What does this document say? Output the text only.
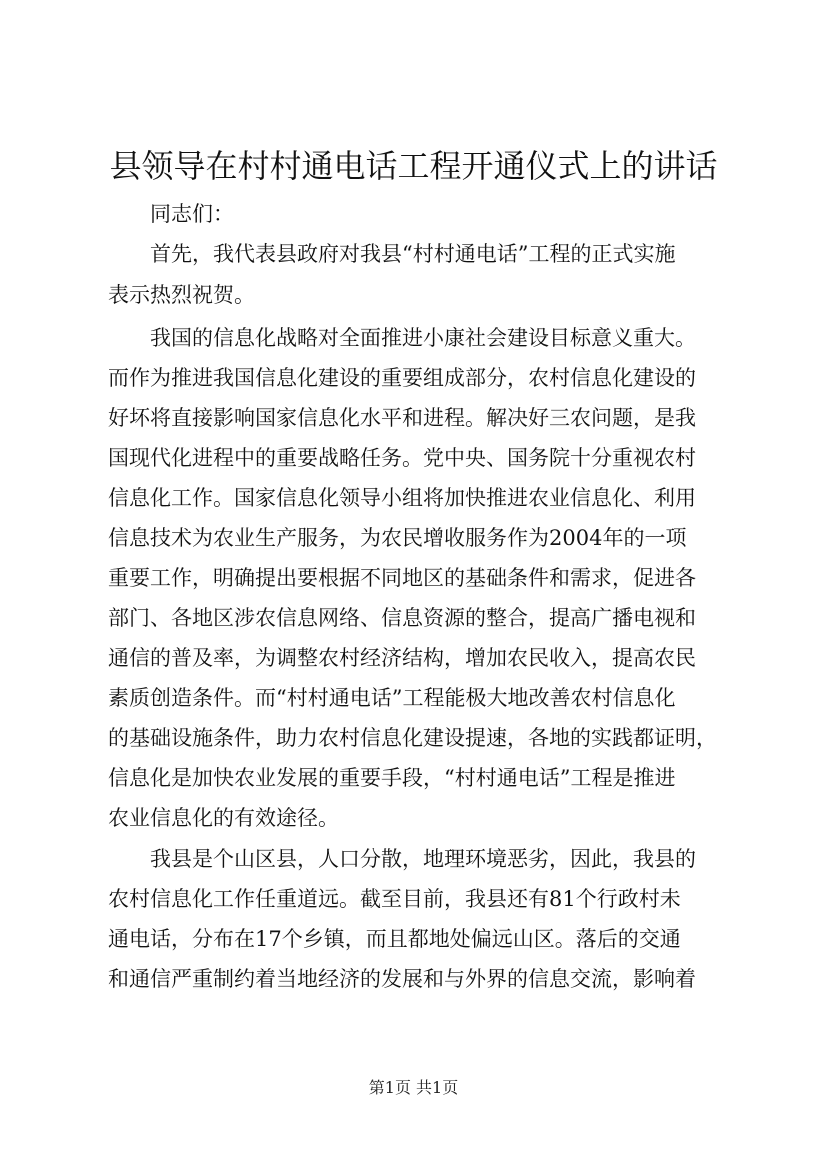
县领导在村村通电话工程开通仪式上的讲话
　　同志们：
　　首先，我代表县政府对我县“村村通电话”工程的正式实施
表示热烈祝贺。
　　我国的信息化战略对全面推进小康社会建设目标意义重大。
而作为推进我国信息化建设的重要组成部分，农村信息化建设的
好坏将直接影响国家信息化水平和进程。解决好三农问题，是我
国现代化进程中的重要战略任务。党中央、国务院十分重视农村
信息化工作。国家信息化领导小组将加快推进农业信息化、利用
信息技术为农业生产服务，为农民增收服务作为2004年的一项
重要工作，明确提出要根据不同地区的基础条件和需求，促进各
部门、各地区涉农信息网络、信息资源的整合，提高广播电视和
通信的普及率，为调整农村经济结构，增加农民收入，提高农民
素质创造条件。而“村村通电话”工程能极大地改善农村信息化
的基础设施条件，助力农村信息化建设提速，各地的实践都证明，
信息化是加快农业发展的重要手段，“村村通电话”工程是推进
农业信息化的有效途径。
　　我县是个山区县，人口分散，地理环境恶劣，因此，我县的
农村信息化工作任重道远。截至目前，我县还有81个行政村未
通电话，分布在17个乡镇，而且都地处偏远山区。落后的交通
和通信严重制约着当地经济的发展和与外界的信息交流，影响着
第1页 共1页
